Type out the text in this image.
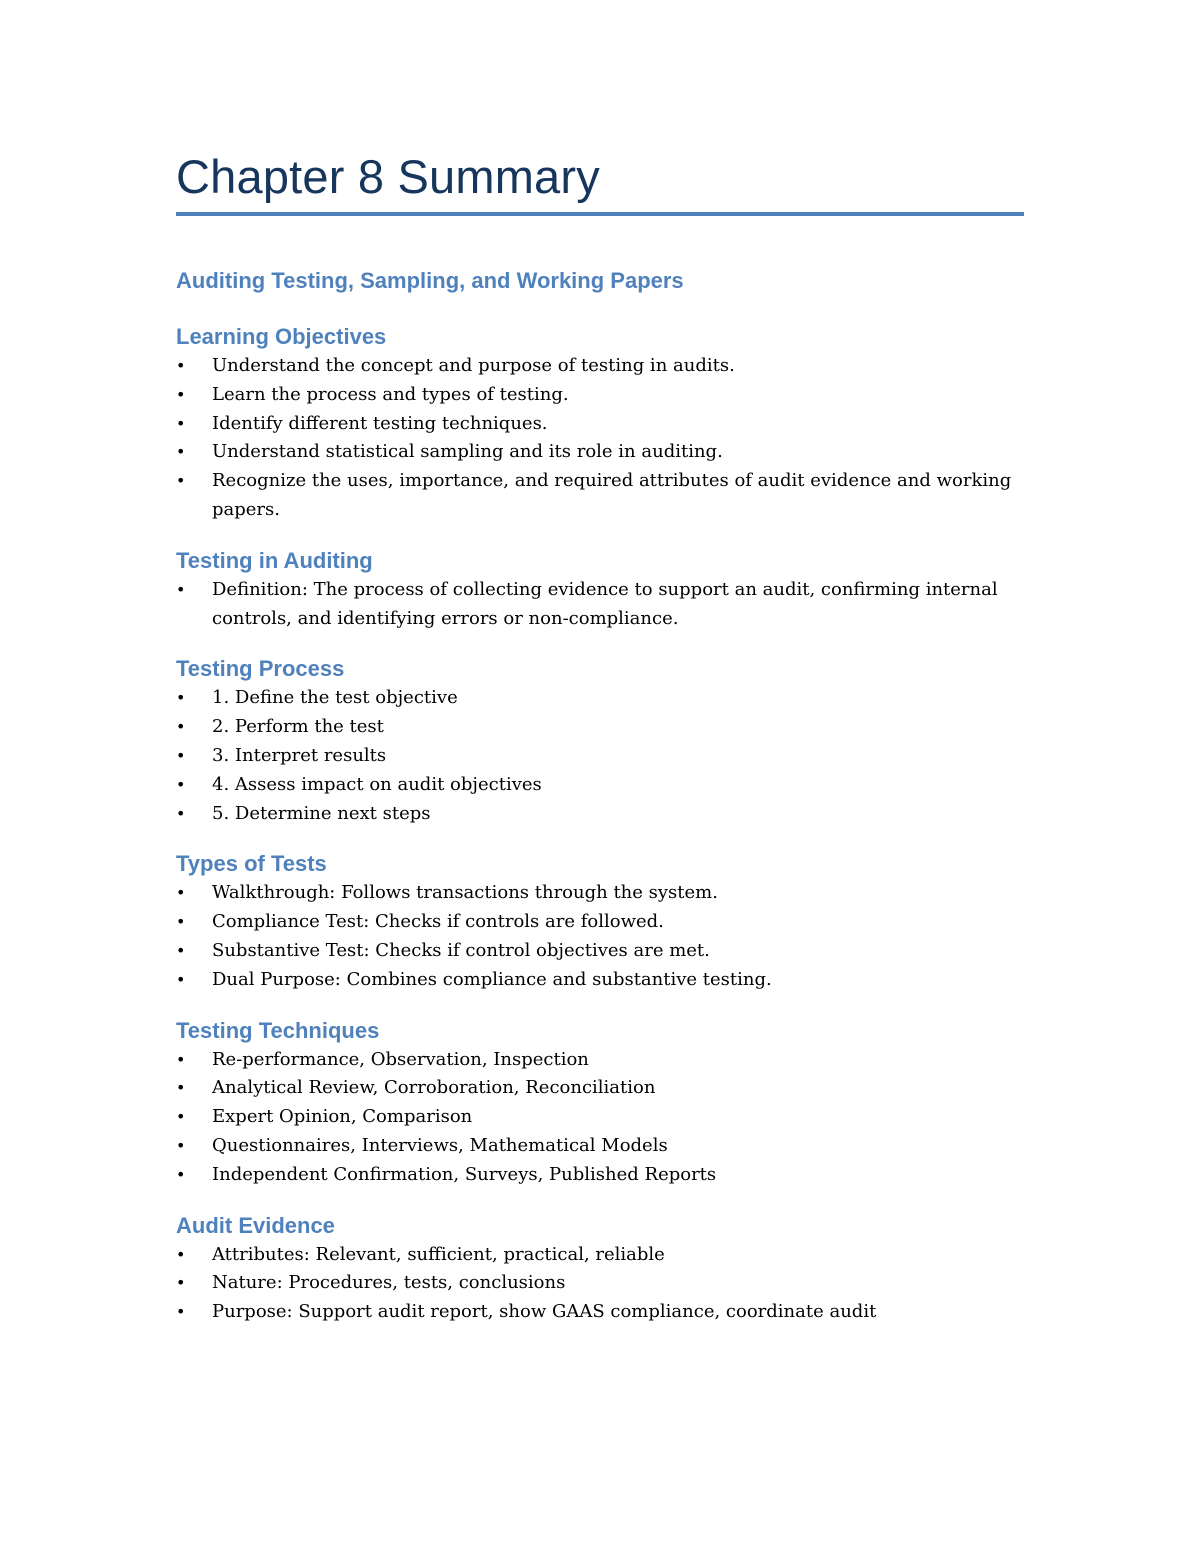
Chapter 8 Summary
Auditing Testing, Sampling, and Working Papers
Learning Objectives
• Understand the concept and purpose of testing in audits.
• Learn the process and types of testing.
• Identify different testing techniques.
• Understand statistical sampling and its role in auditing.
• Recognize the uses, importance, and required attributes of audit evidence and working papers.
Testing in Auditing
• Definition: The process of collecting evidence to support an audit, confirming internal controls, and identifying errors or non-compliance.
Testing Process
• 1. Define the test objective
• 2. Perform the test
• 3. Interpret results
• 4. Assess impact on audit objectives
• 5. Determine next steps
Types of Tests
• Walkthrough: Follows transactions through the system.
• Compliance Test: Checks if controls are followed.
• Substantive Test: Checks if control objectives are met.
• Dual Purpose: Combines compliance and substantive testing.
Testing Techniques
• Re-performance, Observation, Inspection
• Analytical Review, Corroboration, Reconciliation
• Expert Opinion, Comparison
• Questionnaires, Interviews, Mathematical Models
• Independent Confirmation, Surveys, Published Reports
Audit Evidence
• Attributes: Relevant, sufficient, practical, reliable
• Nature: Procedures, tests, conclusions
• Purpose: Support audit report, show GAAS compliance, coordinate audit
